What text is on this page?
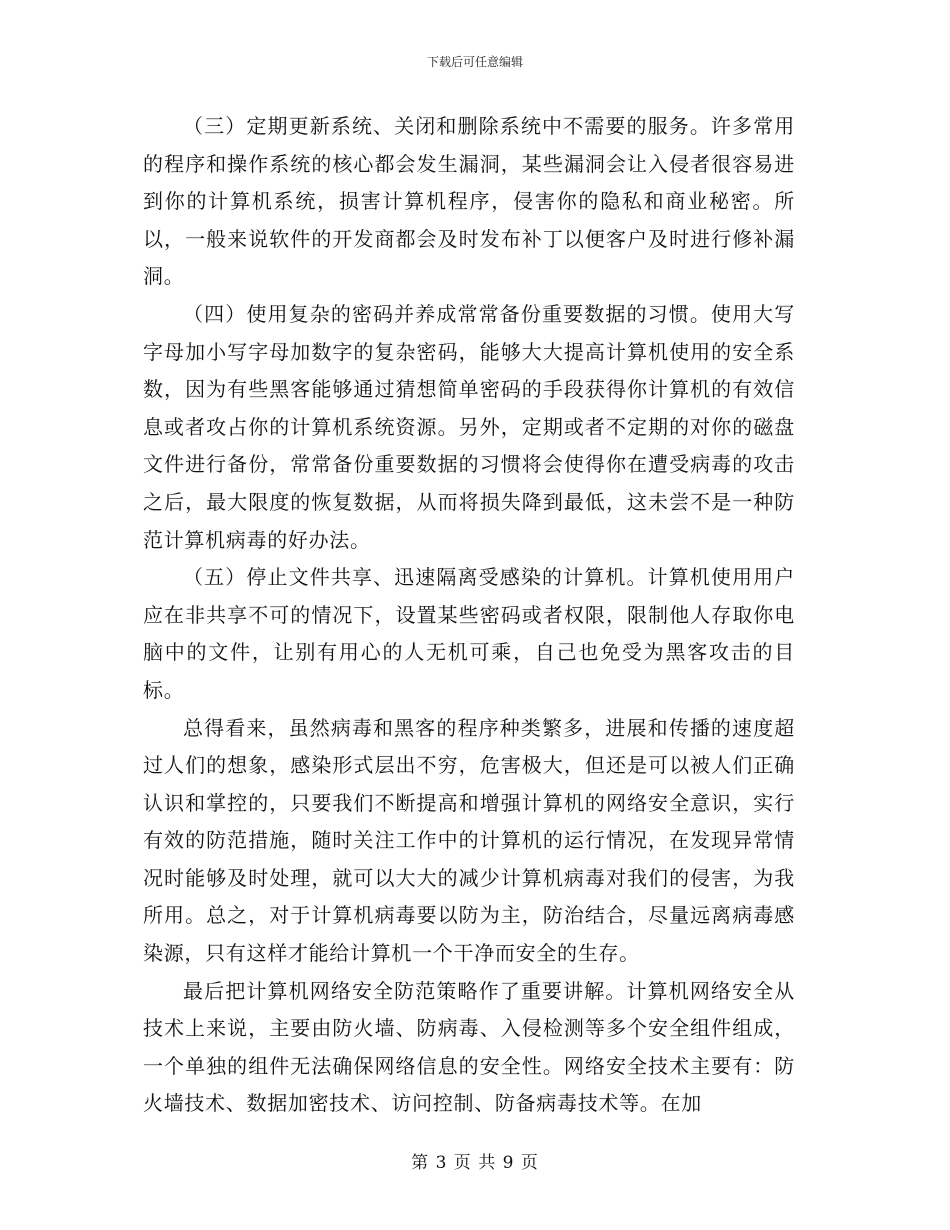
下载后可任意编辑

（三）定期更新系统、关闭和删除系统中不需要的服务。许多常用的程序和操作系统的核心都会发生漏洞，某些漏洞会让入侵者很容易进到你的计算机系统，损害计算机程序，侵害你的隐私和商业秘密。所以，一般来说软件的开发商都会及时发布补丁以便客户及时进行修补漏洞。

（四）使用复杂的密码并养成常常备份重要数据的习惯。使用大写字母加小写字母加数字的复杂密码，能够大大提高计算机使用的安全系数，因为有些黑客能够通过猜想简单密码的手段获得你计算机的有效信息或者攻占你的计算机系统资源。另外，定期或者不定期的对你的磁盘文件进行备份，常常备份重要数据的习惯将会使得你在遭受病毒的攻击之后，最大限度的恢复数据，从而将损失降到最低，这未尝不是一种防范计算机病毒的好办法。

（五）停止文件共享、迅速隔离受感染的计算机。计算机使用用户应在非共享不可的情况下，设置某些密码或者权限，限制他人存取你电脑中的文件，让别有用心的人无机可乘，自己也免受为黑客攻击的目标。

总得看来，虽然病毒和黑客的程序种类繁多，进展和传播的速度超过人们的想象，感染形式层出不穷，危害极大，但还是可以被人们正确认识和掌控的，只要我们不断提高和增强计算机的网络安全意识，实行有效的防范措施，随时关注工作中的计算机的运行情况，在发现异常情况时能够及时处理，就可以大大的减少计算机病毒对我们的侵害，为我所用。总之，对于计算机病毒要以防为主，防治结合，尽量远离病毒感染源，只有这样才能给计算机一个干净而安全的生存。

最后把计算机网络安全防范策略作了重要讲解。计算机网络安全从技术上来说，主要由防火墙、防病毒、入侵检测等多个安全组件组成，一个单独的组件无法确保网络信息的安全性。网络安全技术主要有：防火墙技术、数据加密技术、访问控制、防备病毒技术等。在加

第 3 页 共 9 页
